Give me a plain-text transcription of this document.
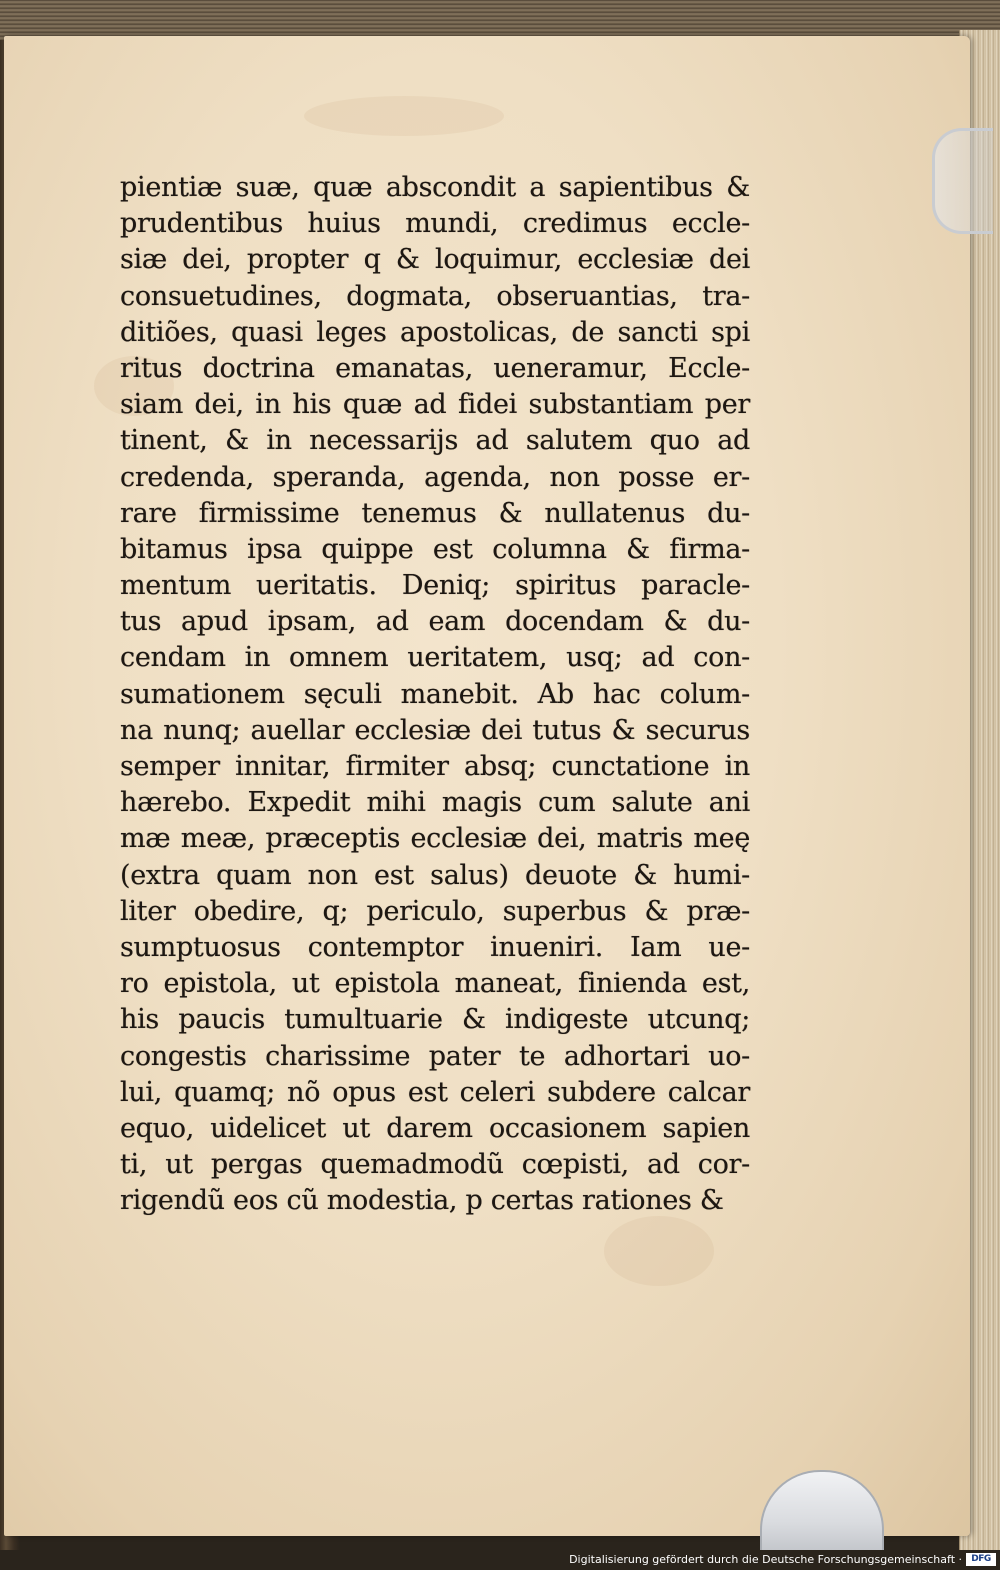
pientiæ suæ, quæ abscondit a sapientibus &
prudentibus huius mundi, credimus eccle-
siæ dei, propter q & loquimur, ecclesiæ dei
consuetudines, dogmata, obseruantias, tra-
ditiões, quasi leges apostolicas, de sancti spi
ritus doctrina emanatas, ueneramur, Eccle-
siam dei, in his quæ ad fidei substantiam per
tinent, & in necessarijs ad salutem quo ad
credenda, speranda, agenda, non posse er-
rare firmissime tenemus & nullatenus du-
bitamus ipsa quippe est columna & firma-
mentum ueritatis. Deniq; spiritus paracle-
tus apud ipsam, ad eam docendam & du-
cendam in omnem ueritatem, usq; ad con-
sumationem sęculi manebit. Ab hac colum-
na nunq; auellar ecclesiæ dei tutus & securus
semper innitar, firmiter absq; cunctatione in
hærebo. Expedit mihi magis cum salute ani
mæ meæ, præceptis ecclesiæ dei, matris meę
(extra quam non est salus) deuote & humi-
liter obedire, q; periculo, superbus & præ-
sumptuosus contemptor inueniri. Iam ue-
ro epistola, ut epistola maneat, finienda est,
his paucis tumultuarie & indigeste utcunq;
congestis charissime pater te adhortari uo-
lui, quamq; nõ opus est celeri subdere calcar
equo, uidelicet ut darem occasionem sapien
ti, ut pergas quemadmodũ cœpisti, ad cor-
rigendũ eos cũ modestia, p certas rationes &
Digitalisierung gefördert durch die Deutsche Forschungsgemeinschaft ·	DFG
